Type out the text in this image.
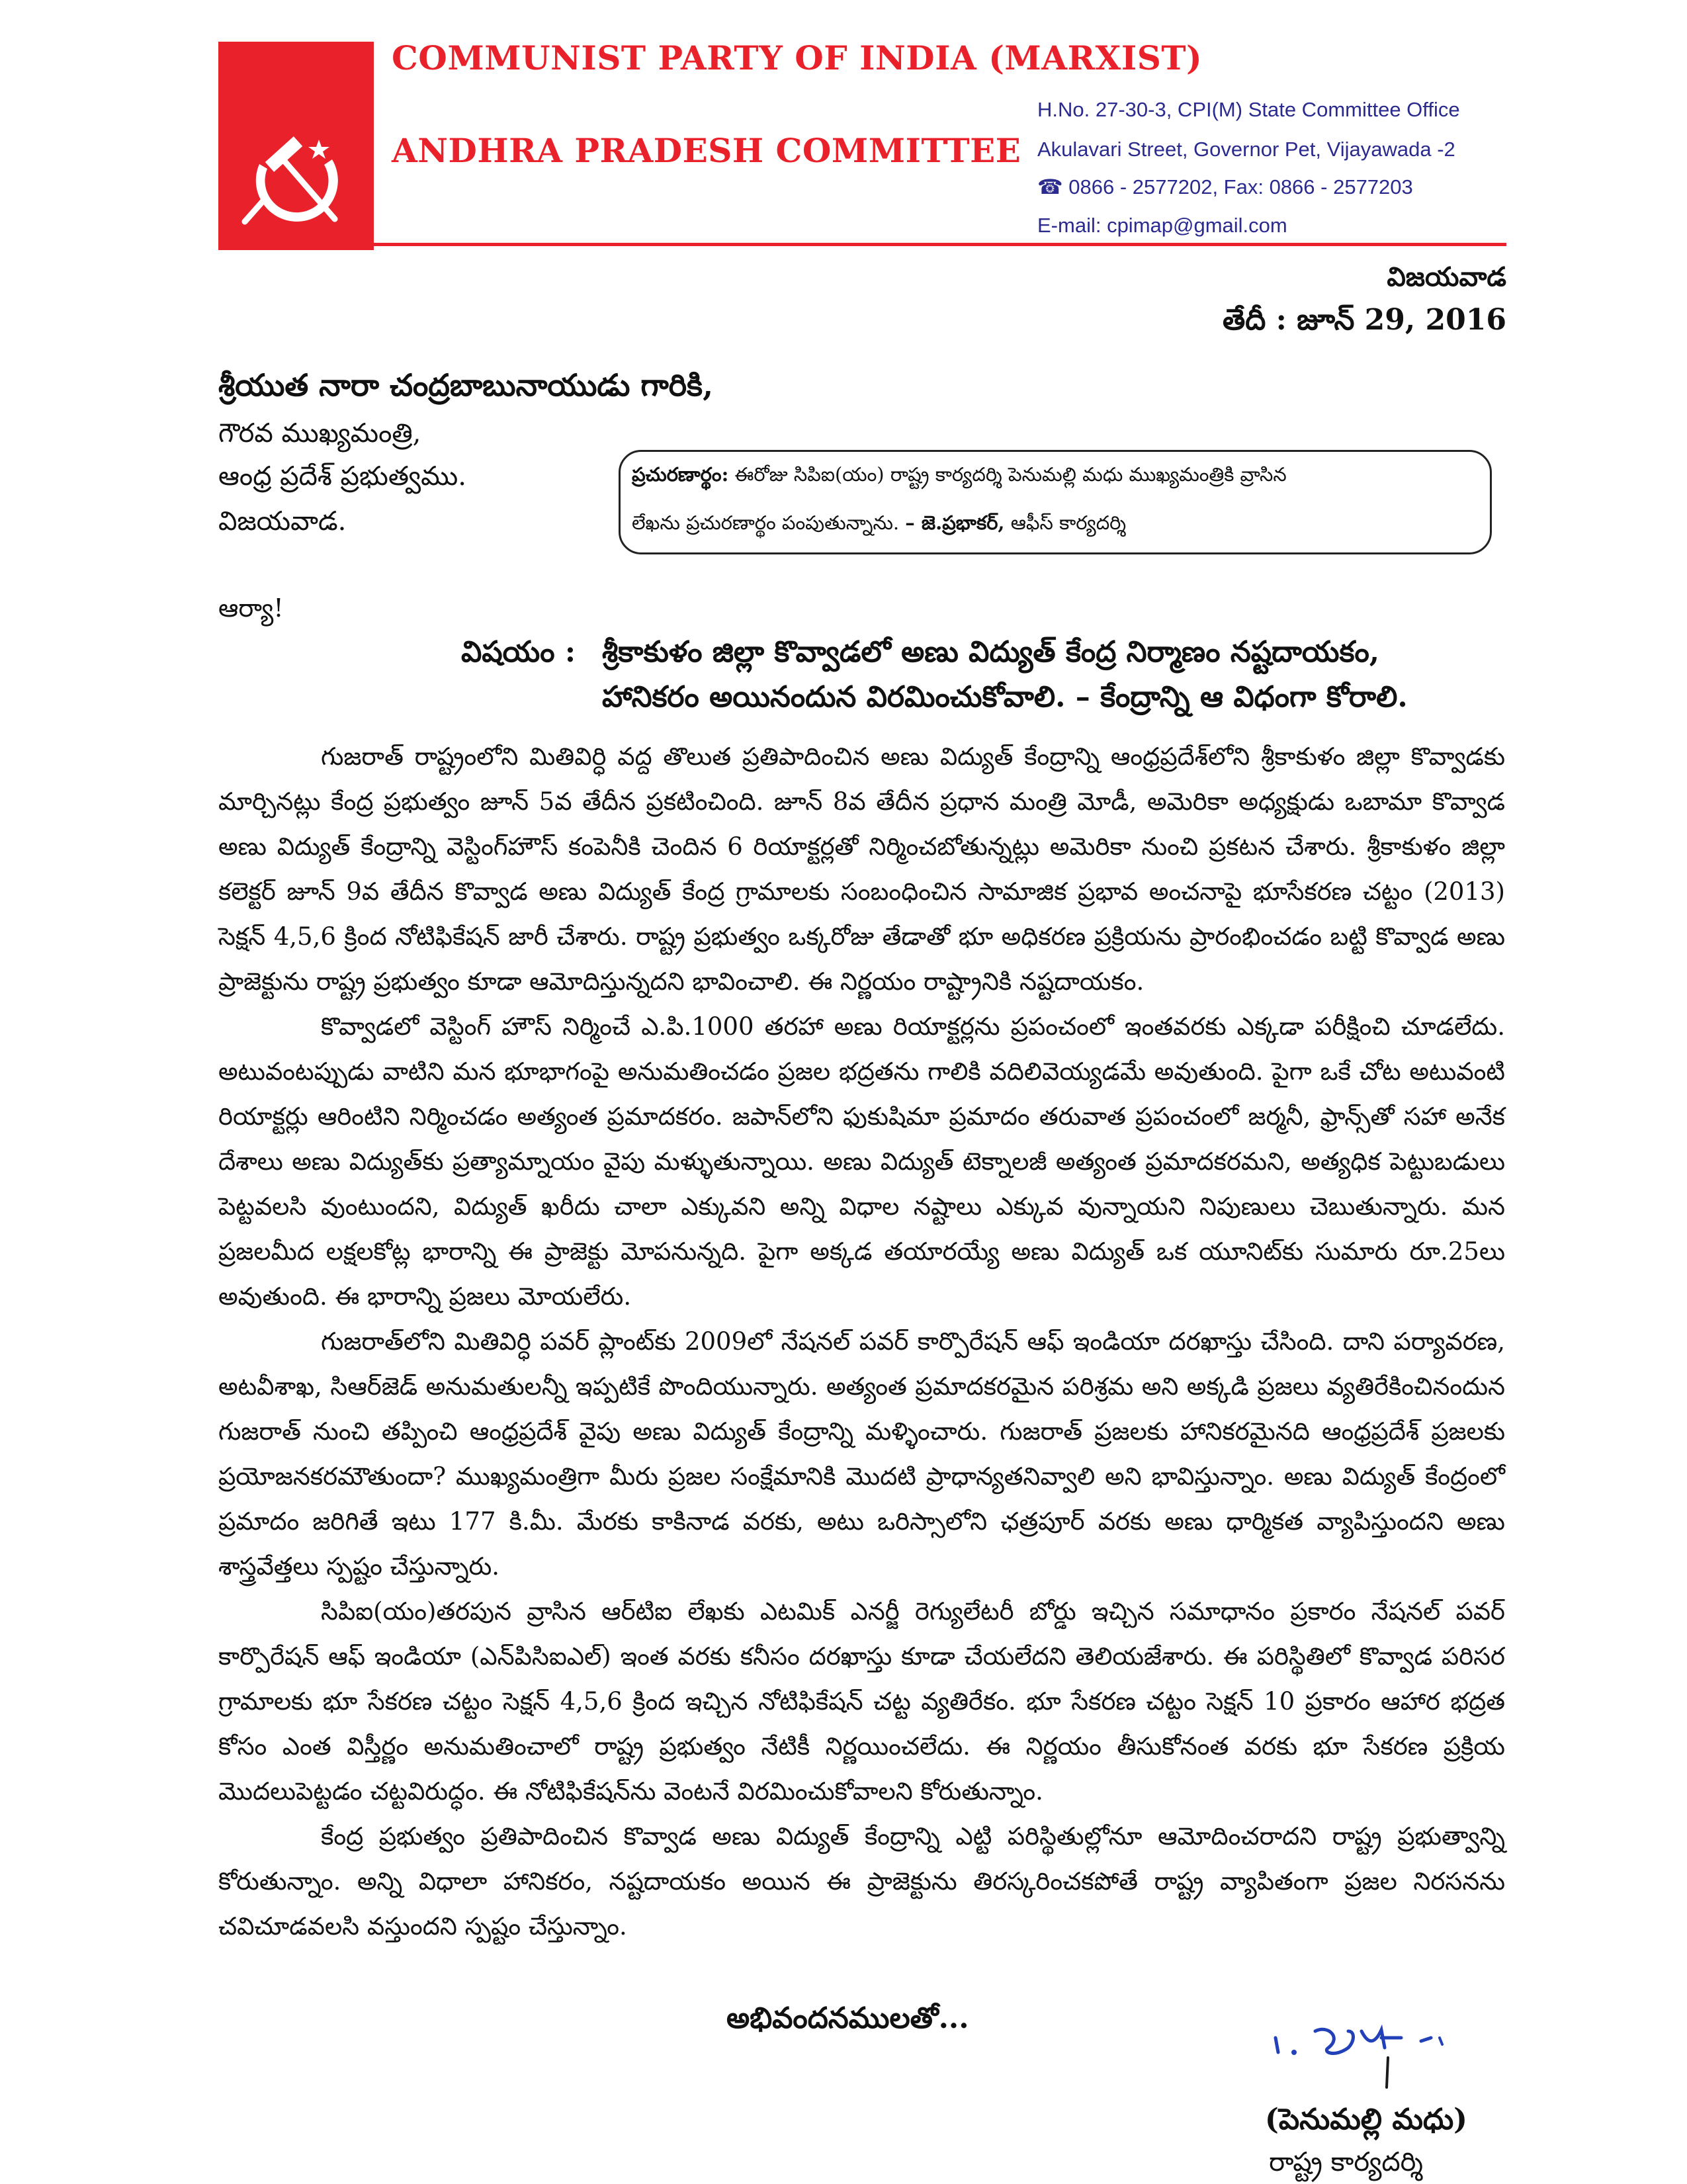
COMMUNIST PARTY OF INDIA (MARXIST)
ANDHRA PRADESH COMMITTEE
H.No. 27-30-3, CPI(M) State Committee Office
Akulavari Street, Governor Pet, Vijayawada -2
☎ 0866 - 2577202, Fax: 0866 - 2577203
E-mail: cpimap@gmail.com
విజయవాడ
తేదీ : జూన్ 29, 2016
శ్రీయుత నారా చంద్రబాబునాయుడు గారికి,
గౌరవ ముఖ్యమంత్రి,
ఆంధ్ర ప్రదేశ్ ప్రభుత్వము.
విజయవాడ.
ప్రచురణార్థం: ఈరోజు సిపిఐ(యం) రాష్ట్ర కార్యదర్శి పెనుమల్లి మధు ముఖ్యమంత్రికి వ్రాసిన
లేఖను ప్రచురణార్థం పంపుతున్నాను. – జె.ప్రభాకర్, ఆఫీస్ కార్యదర్శి
ఆర్యా!
విషయం : శ్రీకాకుళం జిల్లా కొవ్వాడలో అణు విద్యుత్ కేంద్ర నిర్మాణం నష్టదాయకం,
హానికరం అయినందున విరమించుకోవాలి. – కేంద్రాన్ని ఆ విధంగా కోరాలి.

గుజరాత్ రాష్ట్రంలోని మితివిర్ధి వద్ద తొలుత ప్రతిపాదించిన అణు విద్యుత్ కేంద్రాన్ని ఆంధ్రప్రదేశ్‌లోని శ్రీకాకుళం జిల్లా కొవ్వాడకు మార్చినట్లు కేంద్ర ప్రభుత్వం జూన్ 5వ తేదీన ప్రకటించింది. జూన్ 8వ తేదీన ప్రధాన మంత్రి మోడీ, అమెరికా అధ్యక్షుడు ఒబామా కొవ్వాడ అణు విద్యుత్ కేంద్రాన్ని వెస్టింగ్‌హౌస్ కంపెనీకి చెందిన 6 రియాక్టర్లతో నిర్మించబోతున్నట్లు అమెరికా నుంచి ప్రకటన చేశారు. శ్రీకాకుళం జిల్లా కలెక్టర్ జూన్ 9వ తేదీన కొవ్వాడ అణు విద్యుత్ కేంద్ర గ్రామాలకు సంబంధించిన సామాజిక ప్రభావ అంచనాపై భూసేకరణ చట్టం (2013) సెక్షన్ 4,5,6 క్రింద నోటిఫికేషన్ జారీ చేశారు. రాష్ట్ర ప్రభుత్వం ఒక్కరోజు తేడాతో భూ అధికరణ ప్రక్రియను ప్రారంభించడం బట్టి కొవ్వాడ అణు ప్రాజెక్టును రాష్ట్ర ప్రభుత్వం కూడా ఆమోదిస్తున్నదని భావించాలి. ఈ నిర్ణయం రాష్ట్రానికి నష్టదాయకం.

కొవ్వాడలో వెస్టింగ్ హౌస్ నిర్మించే ఎ.పి.1000 తరహా అణు రియాక్టర్లను ప్రపంచంలో ఇంతవరకు ఎక్కడా పరీక్షించి చూడలేదు. అటువంటప్పుడు వాటిని మన భూభాగంపై అనుమతించడం ప్రజల భద్రతను గాలికి వదిలివెయ్యడమే అవుతుంది. పైగా ఒకే చోట అటువంటి రియాక్టర్లు ఆరింటిని నిర్మించడం అత్యంత ప్రమాదకరం. జపాన్‌లోని ఫుకుషిమా ప్రమాదం తరువాత ప్రపంచంలో జర్మనీ, ఫ్రాన్స్‌తో సహా అనేక దేశాలు అణు విద్యుత్‌కు ప్రత్యామ్నాయం వైపు మళ్ళుతున్నాయి. అణు విద్యుత్ టెక్నాలజీ అత్యంత ప్రమాదకరమని, అత్యధిక పెట్టుబడులు పెట్టవలసి వుంటుందని, విద్యుత్ ఖరీదు చాలా ఎక్కువని అన్ని విధాల నష్టాలు ఎక్కువ వున్నాయని నిపుణులు చెబుతున్నారు. మన ప్రజలమీద లక్షలకోట్ల భారాన్ని ఈ ప్రాజెక్టు మోపనున్నది. పైగా అక్కడ తయారయ్యే అణు విద్యుత్ ఒక యూనిట్‌కు సుమారు రూ.25లు అవుతుంది. ఈ భారాన్ని ప్రజలు మోయలేరు.

గుజరాత్‌లోని మితివిర్ధి పవర్ ప్లాంట్‌కు 2009లో నేషనల్ పవర్ కార్పొరేషన్ ఆఫ్ ఇండియా దరఖాస్తు చేసింది. దాని పర్యావరణ, అటవీశాఖ, సిఆర్‌జెడ్ అనుమతులన్నీ ఇప్పటికే పొందియున్నారు. అత్యంత ప్రమాదకరమైన పరిశ్రమ అని అక్కడి ప్రజలు వ్యతిరేకించినందున గుజరాత్ నుంచి తప్పించి ఆంధ్రప్రదేశ్ వైపు అణు విద్యుత్ కేంద్రాన్ని మళ్ళించారు. గుజరాత్ ప్రజలకు హానికరమైనది ఆంధ్రప్రదేశ్ ప్రజలకు ప్రయోజనకరమౌతుందా? ముఖ్యమంత్రిగా మీరు ప్రజల సంక్షేమానికి మొదటి ప్రాధాన్యతనివ్వాలి అని భావిస్తున్నాం. అణు విద్యుత్ కేంద్రంలో ప్రమాదం జరిగితే ఇటు 177 కి.మీ. మేరకు కాకినాడ వరకు, అటు ఒరిస్సాలోని ఛత్రపూర్ వరకు అణు ధార్మికత వ్యాపిస్తుందని అణు శాస్త్రవేత్తలు స్పష్టం చేస్తున్నారు.

సిపిఐ(యం)తరపున వ్రాసిన ఆర్‌టిఐ లేఖకు ఎటమిక్ ఎనర్జీ రెగ్యులేటరీ బోర్డు ఇచ్చిన సమాధానం ప్రకారం నేషనల్ పవర్ కార్పొరేషన్ ఆఫ్ ఇండియా (ఎన్‌పిసిఐఎల్) ఇంత వరకు కనీసం దరఖాస్తు కూడా చేయలేదని తెలియజేశారు. ఈ పరిస్థితిలో కొవ్వాడ పరిసర గ్రామాలకు భూ సేకరణ చట్టం సెక్షన్ 4,5,6 క్రింద ఇచ్చిన నోటిఫికేషన్ చట్ట వ్యతిరేకం. భూ సేకరణ చట్టం సెక్షన్ 10 ప్రకారం ఆహార భద్రత కోసం ఎంత విస్తీర్ణం అనుమతించాలో రాష్ట్ర ప్రభుత్వం నేటికీ నిర్ణయించలేదు. ఈ నిర్ణయం తీసుకోనంత వరకు భూ సేకరణ ప్రక్రియ మొదలుపెట్టడం చట్టవిరుద్ధం. ఈ నోటిఫికేషన్‌ను వెంటనే విరమించుకోవాలని కోరుతున్నాం.

కేంద్ర ప్రభుత్వం ప్రతిపాదించిన కొవ్వాడ అణు విద్యుత్ కేంద్రాన్ని ఎట్టి పరిస్థితుల్లోనూ ఆమోదించరాదని రాష్ట్ర ప్రభుత్వాన్ని కోరుతున్నాం. అన్ని విధాలా హానికరం, నష్టదాయకం అయిన ఈ ప్రాజెక్టును తిరస్కరించకపోతే రాష్ట్ర వ్యాపితంగా ప్రజల నిరసనను చవిచూడవలసి వస్తుందని స్పష్టం చేస్తున్నాం.

అభివందనములతో...
(పెనుమల్లి మధు)
రాష్ట్ర కార్యదర్శి
